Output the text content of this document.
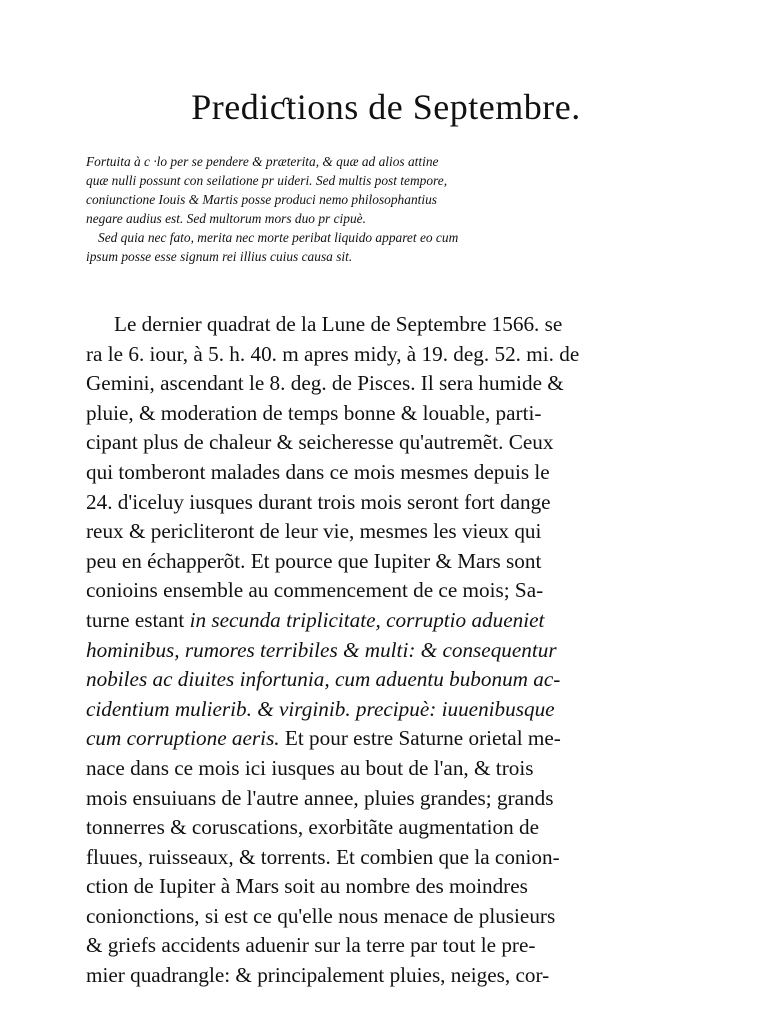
Prediƈtions de Septembre.
Fortuita à c ·lo per se pendere & præterita, & quæ ad alios attine
quæ nulli possunt con seilatione pr uideri. Sed multis post tempore,
coniunctione Iouis & Martis posse produci nemo philosophantius
negare audius est. Sed multorum mors duo pr cipuè.
Sed quia nec fato, merita nec morte peribat liquido apparet eo cum
ipsum posse esse signum rei illius cuius causa sit.
Le dernier quadrat de la Lune de Septembre 1566. se
ra le 6. iour, à 5. h. 40. m apres midy, à 19. deg. 52. mi. de
Gemini, ascendant le 8. deg. de Pisces. Il sera humide &
pluie, & moderation de temps bonne & louable, parti-
cipant plus de chaleur & seicheresse qu'autremẽt. Ceux
qui tomberont malades dans ce mois mesmes depuis le
24. d'iceluy iusques durant trois mois seront fort dange
reux & pericliteront de leur vie, mesmes les vieux qui
peu en échapperõt. Et pource que Iupiter & Mars sont
conioins ensemble au commencement de ce mois; Sa-
turne estant in secunda triplicitate, corruptio adueniet
hominibus, rumores terribiles & multi: & consequentur
nobiles ac diuites infortunia, cum aduentu bubonum ac-
cidentium mulierib. & virginib. precipuè: iuuenibusque
cum corruptione aeris. Et pour estre Saturne orietal me-
nace dans ce mois ici iusques au bout de l'an, & trois
mois ensuiuans de l'autre annee, pluies grandes; grands
tonnerres & coruscations, exorbitãte augmentation de
fluues, ruisseaux, & torrents. Et combien que la conion-
ction de Iupiter à Mars soit au nombre des moindres
conionctions, si est ce qu'elle nous menace de plusieurs
& griefs accidents aduenir sur la terre par tout le pre-
mier quadrangle: & principalement pluies, neiges, cor-
